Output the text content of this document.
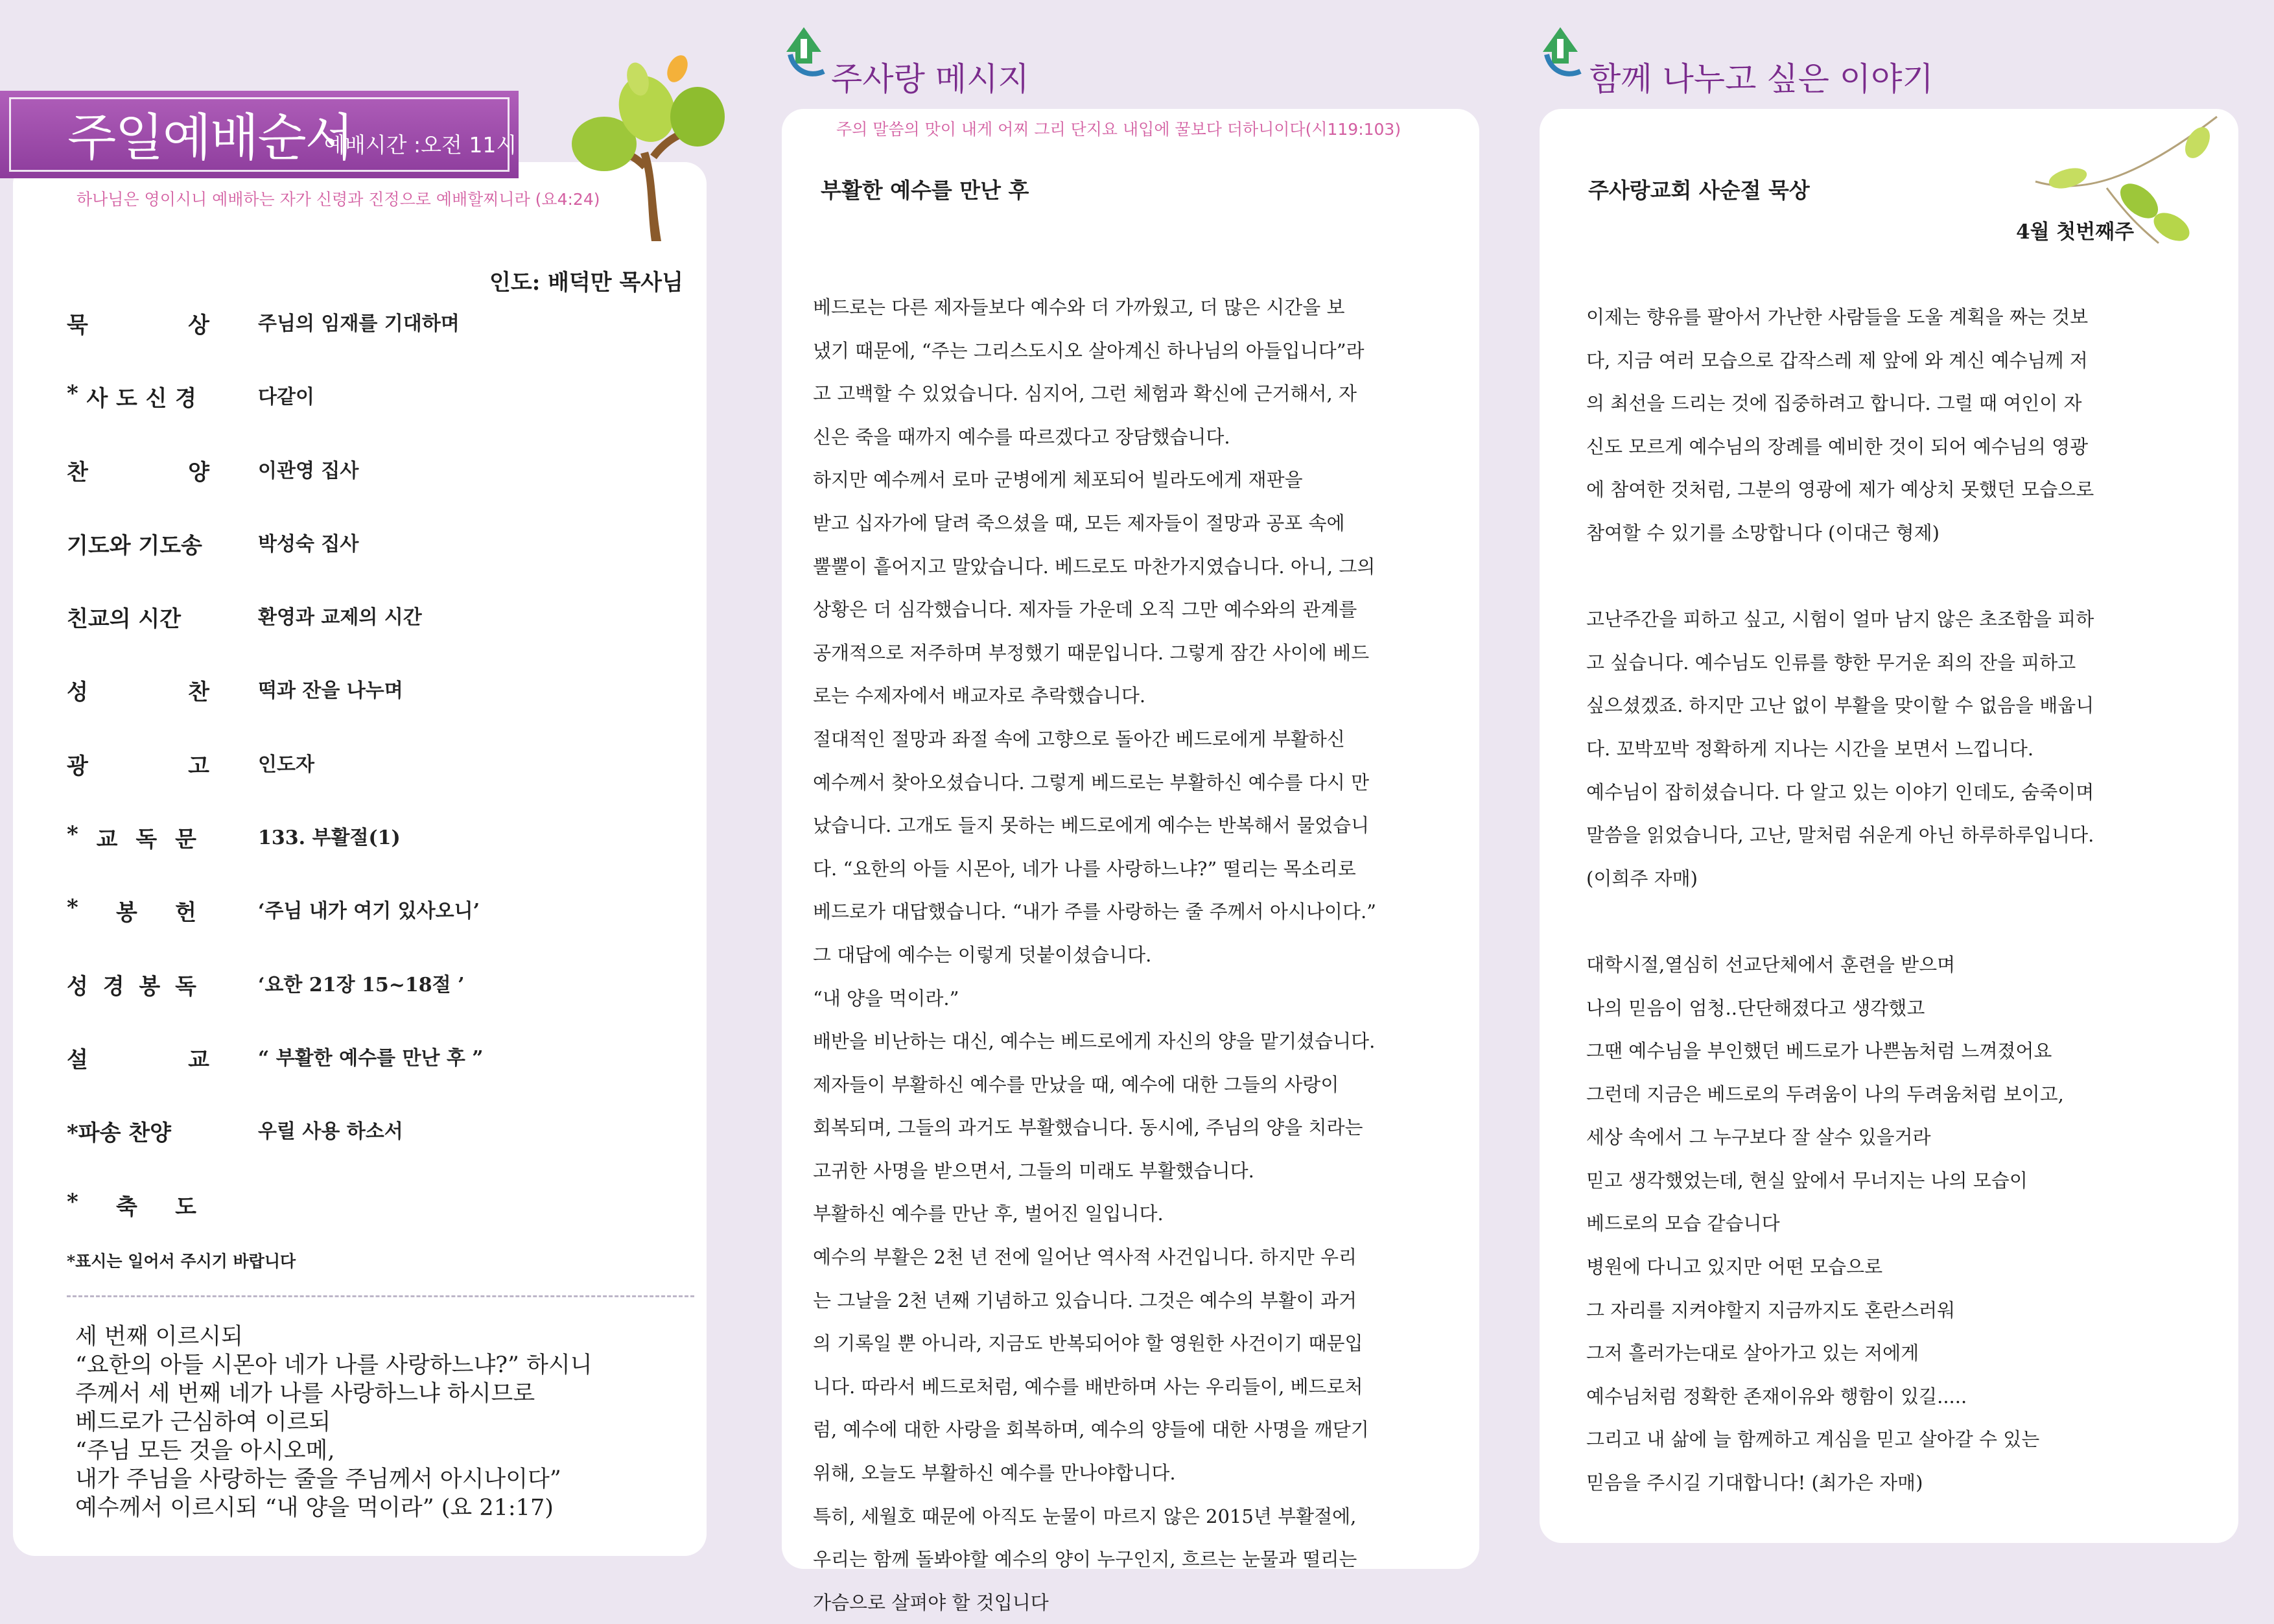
주일예배순서
예배시간 :오전 11시
하나님은 영이시니 예배하는 자가 신령과 진정으로 예배할찌니라 (요4:24)
인도: 배덕만 목사님
묵	상	주님의 임재를 기대하며
* 사 도 신 경	다같이
찬	양	이관영 집사
기도와 기도송	박성숙 집사
친교의 시간	환영과 교제의 시간
성	찬	떡과 잔을 나누며
광	고	인도자
* 교 독 문	133. 부활절(1)
* 봉 헌	‘주님 내가 여기 있사오니’
성 경 봉 독	‘요한 21장 15~18절 ’
설	교	“ 부활한 예수를 만난 후 ”
*파송 찬양	우릴 사용 하소서
* 축 도
*표시는 일어서 주시기 바랍니다
세 번째 이르시되
“요한의 아들 시몬아 네가 나를 사랑하느냐?” 하시니
주께서 세 번째 네가 나를 사랑하느냐 하시므로
베드로가 근심하여 이르되
“주님 모든 것을 아시오메,
내가 주님을 사랑하는 줄을 주님께서 아시나이다”
예수께서 이르시되 “내 양을 먹이라” (요 21:17)
주사랑 메시지
주의 말씀의 맛이 내게 어찌 그리 단지요 내입에 꿀보다 더하니이다(시119:103)
부활한 예수를 만난 후
베드로는 다른 제자들보다 예수와 더 가까웠고, 더 많은 시간을 보
냈기 때문에, “주는 그리스도시오 살아계신 하나님의 아들입니다”라
고 고백할 수 있었습니다. 심지어, 그런 체험과 확신에 근거해서, 자
신은 죽을 때까지 예수를 따르겠다고 장담했습니다.
하지만 예수께서 로마 군병에게 체포되어 빌라도에게 재판을
받고 십자가에 달려 죽으셨을 때, 모든 제자들이 절망과 공포 속에
뿔뿔이 흩어지고 말았습니다. 베드로도 마찬가지였습니다. 아니, 그의
상황은 더 심각했습니다. 제자들 가운데 오직 그만 예수와의 관계를
공개적으로 저주하며 부정했기 때문입니다. 그렇게 잠간 사이에 베드
로는 수제자에서 배교자로 추락했습니다.
절대적인 절망과 좌절 속에 고향으로 돌아간 베드로에게 부활하신
예수께서 찾아오셨습니다. 그렇게 베드로는 부활하신 예수를 다시 만
났습니다. 고개도 들지 못하는 베드로에게 예수는 반복해서 물었습니
다. “요한의 아들 시몬아, 네가 나를 사랑하느냐?” 떨리는 목소리로
베드로가 대답했습니다. “내가 주를 사랑하는 줄 주께서 아시나이다.”
그 대답에 예수는 이렇게 덧붙이셨습니다.
“내 양을 먹이라.”
배반을 비난하는 대신, 예수는 베드로에게 자신의 양을 맡기셨습니다.
제자들이 부활하신 예수를 만났을 때, 예수에 대한 그들의 사랑이
회복되며, 그들의 과거도 부활했습니다. 동시에, 주님의 양을 치라는
고귀한 사명을 받으면서, 그들의 미래도 부활했습니다.
부활하신 예수를 만난 후, 벌어진 일입니다.
예수의 부활은 2천 년 전에 일어난 역사적 사건입니다. 하지만 우리
는 그날을 2천 년째 기념하고 있습니다. 그것은 예수의 부활이 과거
의 기록일 뿐 아니라, 지금도 반복되어야 할 영원한 사건이기 때문입
니다. 따라서 베드로처럼, 예수를 배반하며 사는 우리들이, 베드로처
럼, 예수에 대한 사랑을 회복하며, 예수의 양들에 대한 사명을 깨닫기
위해, 오늘도 부활하신 예수를 만나야합니다.
특히, 세월호 때문에 아직도 눈물이 마르지 않은 2015년 부활절에,
우리는 함께 돌봐야할 예수의 양이 누구인지, 흐르는 눈물과 떨리는
가슴으로 살펴야 할 것입니다
함께 나누고 싶은 이야기
주사랑교회 사순절 묵상
4월 첫번째주
이제는 향유를 팔아서 가난한 사람들을 도울 계획을 짜는 것보
다, 지금 여러 모습으로 갑작스레 제 앞에 와 계신 예수님께 저
의 최선을 드리는 것에 집중하려고 합니다. 그럴 때 여인이 자
신도 모르게 예수님의 장례를 예비한 것이 되어 예수님의 영광
에 참여한 것처럼, 그분의 영광에 제가 예상치 못했던 모습으로
참여할 수 있기를 소망합니다 (이대근 형제)

고난주간을 피하고 싶고, 시험이 얼마 남지 않은 초조함을 피하
고 싶습니다. 예수님도 인류를 향한 무거운 죄의 잔을 피하고
싶으셨겠죠. 하지만 고난 없이 부활을 맞이할 수 없음을 배웁니
다. 꼬박꼬박 정확하게 지나는 시간을 보면서 느낍니다.
예수님이 잡히셨습니다. 다 알고 있는 이야기 인데도, 숨죽이며
말씀을 읽었습니다, 고난, 말처럼 쉬운게 아닌 하루하루입니다.
(이희주 자매)

대학시절,열심히 선교단체에서 훈련을 받으며
나의 믿음이 엄청..단단해졌다고 생각했고
그땐 예수님을 부인했던 베드로가 나쁜놈처럼 느껴졌어요
그런데 지금은 베드로의 두려움이 나의 두려움처럼 보이고,
세상 속에서 그 누구보다 잘 살수 있을거라
믿고 생각했었는데, 현실 앞에서 무너지는 나의 모습이
베드로의 모습 같습니다
병원에 다니고 있지만 어떤 모습으로
그 자리를 지켜야할지 지금까지도 혼란스러워
그저 흘러가는대로 살아가고 있는 저에게
예수님처럼 정확한 존재이유와 행함이 있길.....
그리고 내 삶에 늘 함께하고 계심을 믿고 살아갈 수 있는
믿음을 주시길 기대합니다! (최가은 자매)
